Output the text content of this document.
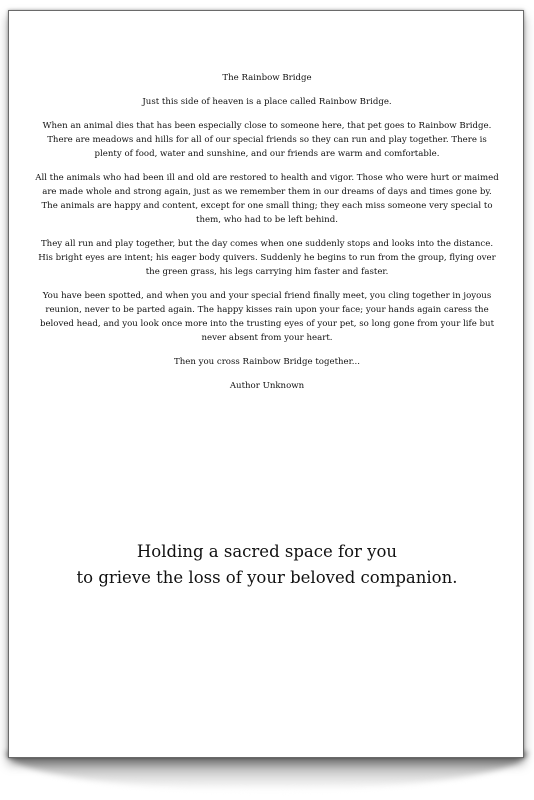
The Rainbow Bridge

Just this side of heaven is a place called Rainbow Bridge.

When an animal dies that has been especially close to someone here, that pet goes to Rainbow Bridge. There are meadows and hills for all of our special friends so they can run and play together. There is plenty of food, water and sunshine, and our friends are warm and comfortable.

All the animals who had been ill and old are restored to health and vigor. Those who were hurt or maimed are made whole and strong again, just as we remember them in our dreams of days and times gone by. The animals are happy and content, except for one small thing; they each miss someone very special to them, who had to be left behind.

They all run and play together, but the day comes when one suddenly stops and looks into the distance. His bright eyes are intent; his eager body quivers. Suddenly he begins to run from the group, flying over the green grass, his legs carrying him faster and faster.

You have been spotted, and when you and your special friend finally meet, you cling together in joyous reunion, never to be parted again. The happy kisses rain upon your face; your hands again caress the beloved head, and you look once more into the trusting eyes of your pet, so long gone from your life but never absent from your heart.

Then you cross Rainbow Bridge together...

Author Unknown

Holding a sacred space for you
to grieve the loss of your beloved companion.
